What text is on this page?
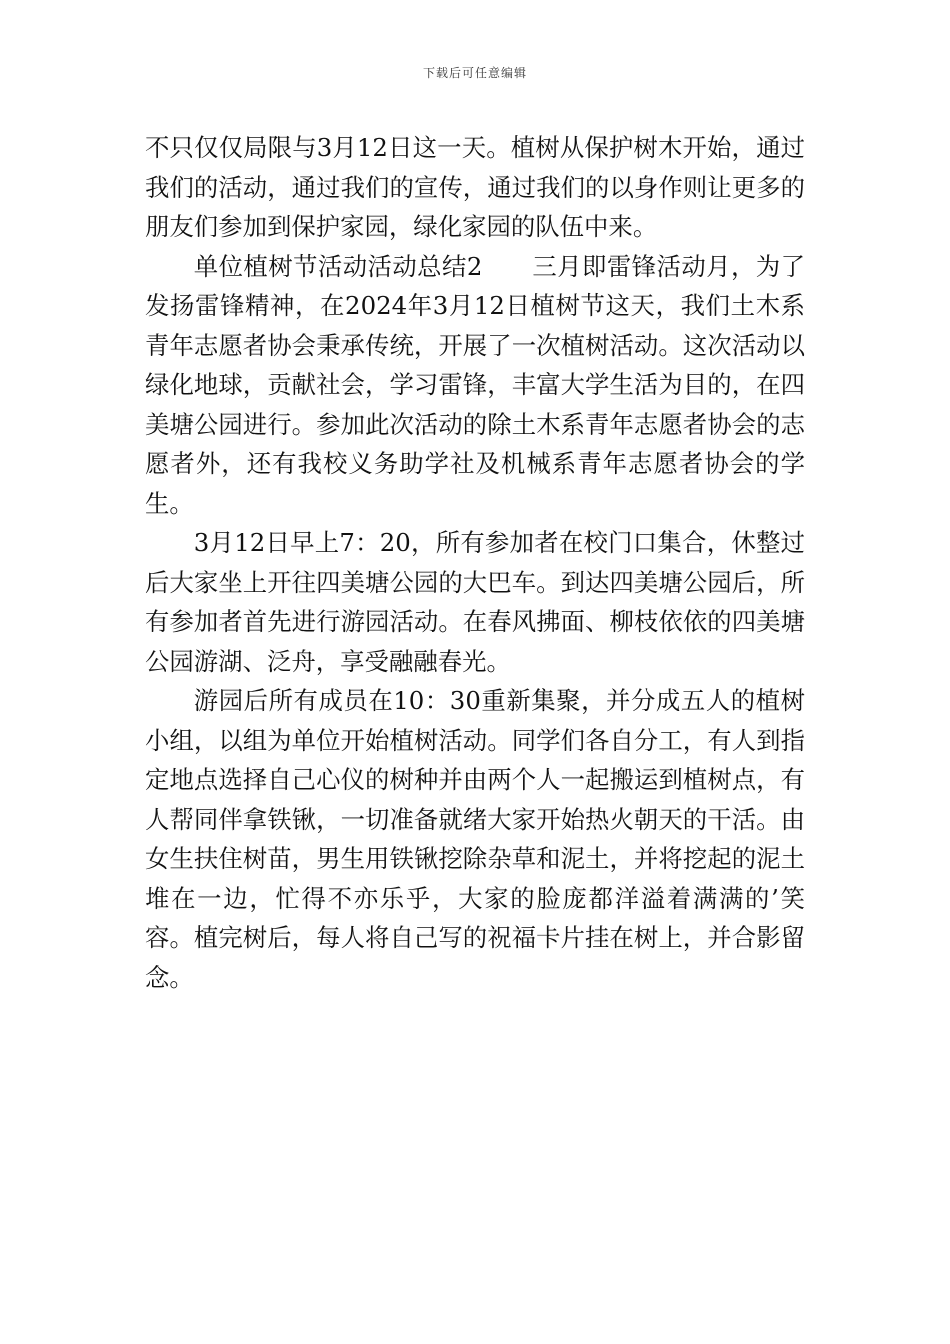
下载后可任意编辑

不只仅仅局限与3月12日这一天。植树从保护树木开始，通过我们的活动，通过我们的宣传，通过我们的以身作则让更多的朋友们参加到保护家园，绿化家园的队伍中来。

单位植树节活动活动总结2　　三月即雷锋活动月，为了发扬雷锋精神，在2024年3月12日植树节这天，我们土木系青年志愿者协会秉承传统，开展了一次植树活动。这次活动以绿化地球，贡献社会，学习雷锋，丰富大学生活为目的，在四美塘公园进行。参加此次活动的除土木系青年志愿者协会的志愿者外，还有我校义务助学社及机械系青年志愿者协会的学生。

3月12日早上7：20，所有参加者在校门口集合，休整过后大家坐上开往四美塘公园的大巴车。到达四美塘公园后，所有参加者首先进行游园活动。在春风拂面、柳枝依依的四美塘公园游湖、泛舟，享受融融春光。

游园后所有成员在10：30重新集聚，并分成五人的植树小组，以组为单位开始植树活动。同学们各自分工，有人到指定地点选择自己心仪的树种并由两个人一起搬运到植树点，有人帮同伴拿铁锹，一切准备就绪大家开始热火朝天的干活。由女生扶住树苗，男生用铁锹挖除杂草和泥土，并将挖起的泥土堆在一边，忙得不亦乐乎，大家的脸庞都洋溢着满满的’笑容。植完树后，每人将自己写的祝福卡片挂在树上，并合影留念。
